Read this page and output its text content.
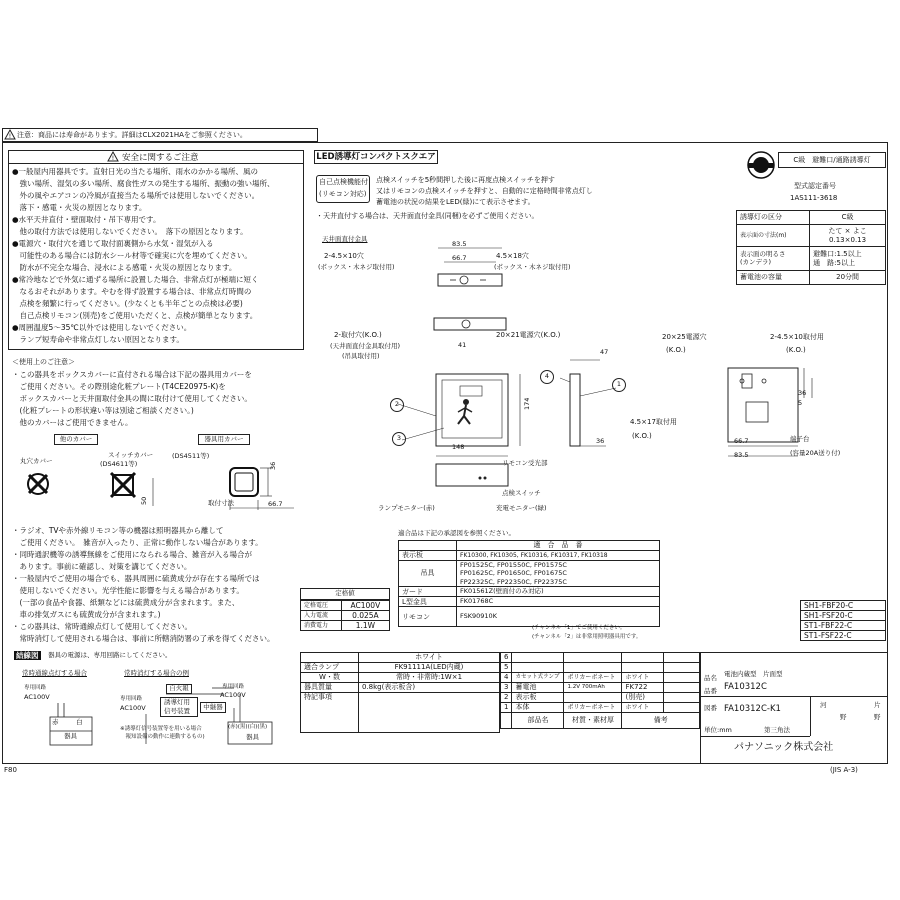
! 注意：商品には寿命があります。詳細はCLX2021HAをご参照ください。
! 安全に関するご注意
●一般屋内用器具です。直射日光の当たる場所、雨水のかかる場所、風の
　強い場所、湿気の多い場所、腐食性ガスの発生する場所、振動の強い場所、
　外の風やエアコンの冷風が直接当たる場所では使用しないでください。
　落下・感電・火災の原因となります。
●水平天井直付・壁面取付・吊下専用です。
　他の取付方法では使用しないでください。　落下の原因となります。
●電源穴・取付穴を通じて取付面裏側から水気・湿気が入る
　可能性のある場合には防水シール材等で確実に穴を埋めてください。
　防水が不完全な場合、浸水による感電・火災の原因となります。
●常冷地などで外気に通ずる場所に設置した場合、非常点灯が極端に短く
　なるおそれがあります。やむを得ず設置する場合は、非常点灯時間の
　点検を頻繁に行ってください。(少なくとも半年ごとの点検は必要)
　自己点検リモコン(別売)をご使用いただくと、点検が簡単となります。
●周囲温度5〜35℃以外では使用しないでください。
　ランプ短寿命や非常点灯しない原因となります。
＜使用上のご注意＞
・この器具をボックスカバーに直付される場合は下記の器具用カバーを
　ご使用ください。その際別途化粧プレート(T4CE20975-K)を
　ボックスカバーと天井面取付金具の間に取付けて使用してください。
　(化粧プレートの形状違い等は別途ご相談ください。)
　他のカバーはご使用できません。
他のカバー	器具用カバー
丸穴カバー
スイッチカバー
(DS4611等)
(DS4511等)
36
50	取付寸法	66.7
・ラジオ、TVや赤外線リモコン等の機器は照明器具から離して
　ご使用ください。　雑音が入ったり、正常に動作しない場合があります。
・同時通訳機等の誘導無線をご使用になられる場合、雑音が入る場合が
　あります。事前に確認し、対策を講じてください。
・一般屋内でご使用の場合でも、器具周囲に硫黄成分が存在する場所では
　使用しないでください。光学性能に影響を与える場合があります。
　(一部の食品や食器、紙類などには硫黄成分が含まれます。また、
　車の排気ガスにも硫黄成分が含まれます。)
・この器具は、常時通線点灯して使用してください。
　常時消灯して使用される場合は、事前に所轄消防署の了承を得てください。
結線図	器具の電源は、専用回路にしてください。
常時通線点灯する場合	常時消灯する場合の例
専用回路
AC100V
赤	白
器具
専用回路
AC100V
自火報
誘導灯用
信号装置
専用回路
AC100V
中継器
(赤)(黒)(白)(黒)
器具
※誘導灯信号装置等を用いる場合
　報知設備の動作に連動するもの)
LED誘導灯コンパクトスクエア
自己点検機能付
(リモコン対応)
点検スイッチを5秒間押した後に再度点検スイッチを押す
又はリモコンの点検スイッチを押すと、自動的に定格時間非常点灯し
蓄電池の状況の結果をLED(緑)にて表示させます。
・天井直付する場合は、天井面直付金具(同梱)を必ずご使用ください。
C級　避難口/通路誘導灯
型式認定番号
1AS111-3618
誘導灯の区分	C級
表示面の寸法(m)	たて × よこ
0.13×0.13
表示面の明るさ
(カンデラ)	避難口:1.5以上
通　路:5以上
蓄電池の容量	20分間
天井面直付金具
2-4.5×10穴
(ボックス・木ネジ取付用)
4.5×18穴
(ボックス・木ネジ取付用)
83.5
66.7
2-取付穴(K.O.)
(天井面直付金具取付用)
(吊具取付用)
41
20×21電源穴(K.O.)
47
174
148
36
4
1
2
3
リモコン受光部
点検スイッチ
充電モニター(緑)
ランプモニター(赤)
20×25電源穴
(K.O.)
2-4.5×10取付用
(K.O.)
36
5
4.5×17取付用
(K.O.)
66.7
83.5
端子台
(容量20A送り付)
適合品は下記の承認図を参照ください。
	適　合　品　番
表示板	FK10300, FK10305, FK10316, FK10317, FK10318
吊具	FP01525C, FP01550C, FP01575C
FP01625C, FP01650C, FP01675C
FP22325C, FP22350C, FP22375C
ガード	FK01561Z(壁面付のみ対応)
L型金具	FK01768C
リモコン	FSK90910K
(チャンネル「1」でご使用ください。
(チャンネル「2」は非常用照明器具用です。
定格値
定格電圧	AC100V
入力電流	0.025A
消費電力	1.1W
SH1-FBF20-C
SH1-FSF20-C
ST1-FBF22-C
ST1-FSF22-C
	ホワイト
適合ランプ	FK91111A(LED内蔵)
W・数	常時・非常時:1W×1
器具質量	0.8kg(表示板含)
特記事項	
6				
5				
4	カセット式ランプ	ポリカーボネート	ホワイト	
3	蓄電池	1.2V 700mAh	FK722	
2	表示板		(別売)	
1	本体	ポリカーボネート	ホワイト	
	部品名	材質・素材厚	備考	
品名 電池内蔵型　片面型
FA10312C
品番
図番 FA10312C-K1	河	片
野	野
単位:mm	第三角法
パナソニック株式会社
F80	(JIS A-3)
